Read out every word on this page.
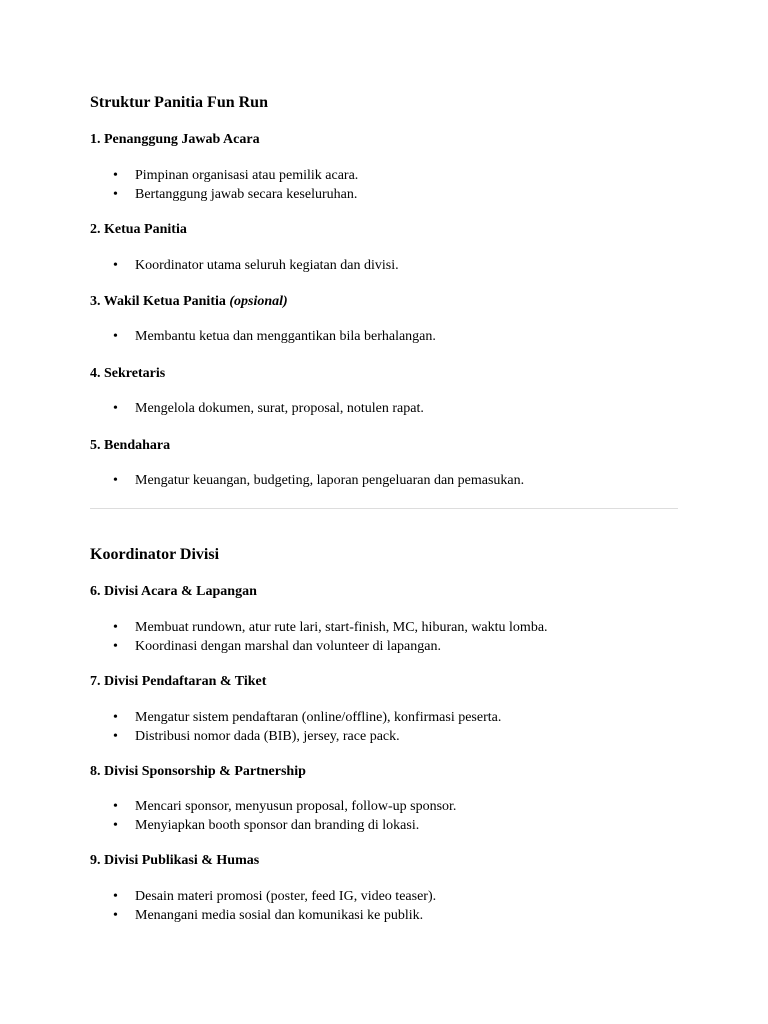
Struktur Panitia Fun Run
1. Penanggung Jawab Acara
• Pimpinan organisasi atau pemilik acara.
• Bertanggung jawab secara keseluruhan.
2. Ketua Panitia
• Koordinator utama seluruh kegiatan dan divisi.
3. Wakil Ketua Panitia (opsional)
• Membantu ketua dan menggantikan bila berhalangan.
4. Sekretaris
• Mengelola dokumen, surat, proposal, notulen rapat.
5. Bendahara
• Mengatur keuangan, budgeting, laporan pengeluaran dan pemasukan.
Koordinator Divisi
6. Divisi Acara & Lapangan
• Membuat rundown, atur rute lari, start-finish, MC, hiburan, waktu lomba.
• Koordinasi dengan marshal dan volunteer di lapangan.
7. Divisi Pendaftaran & Tiket
• Mengatur sistem pendaftaran (online/offline), konfirmasi peserta.
• Distribusi nomor dada (BIB), jersey, race pack.
8. Divisi Sponsorship & Partnership
• Mencari sponsor, menyusun proposal, follow-up sponsor.
• Menyiapkan booth sponsor dan branding di lokasi.
9. Divisi Publikasi & Humas
• Desain materi promosi (poster, feed IG, video teaser).
• Menangani media sosial dan komunikasi ke publik.
